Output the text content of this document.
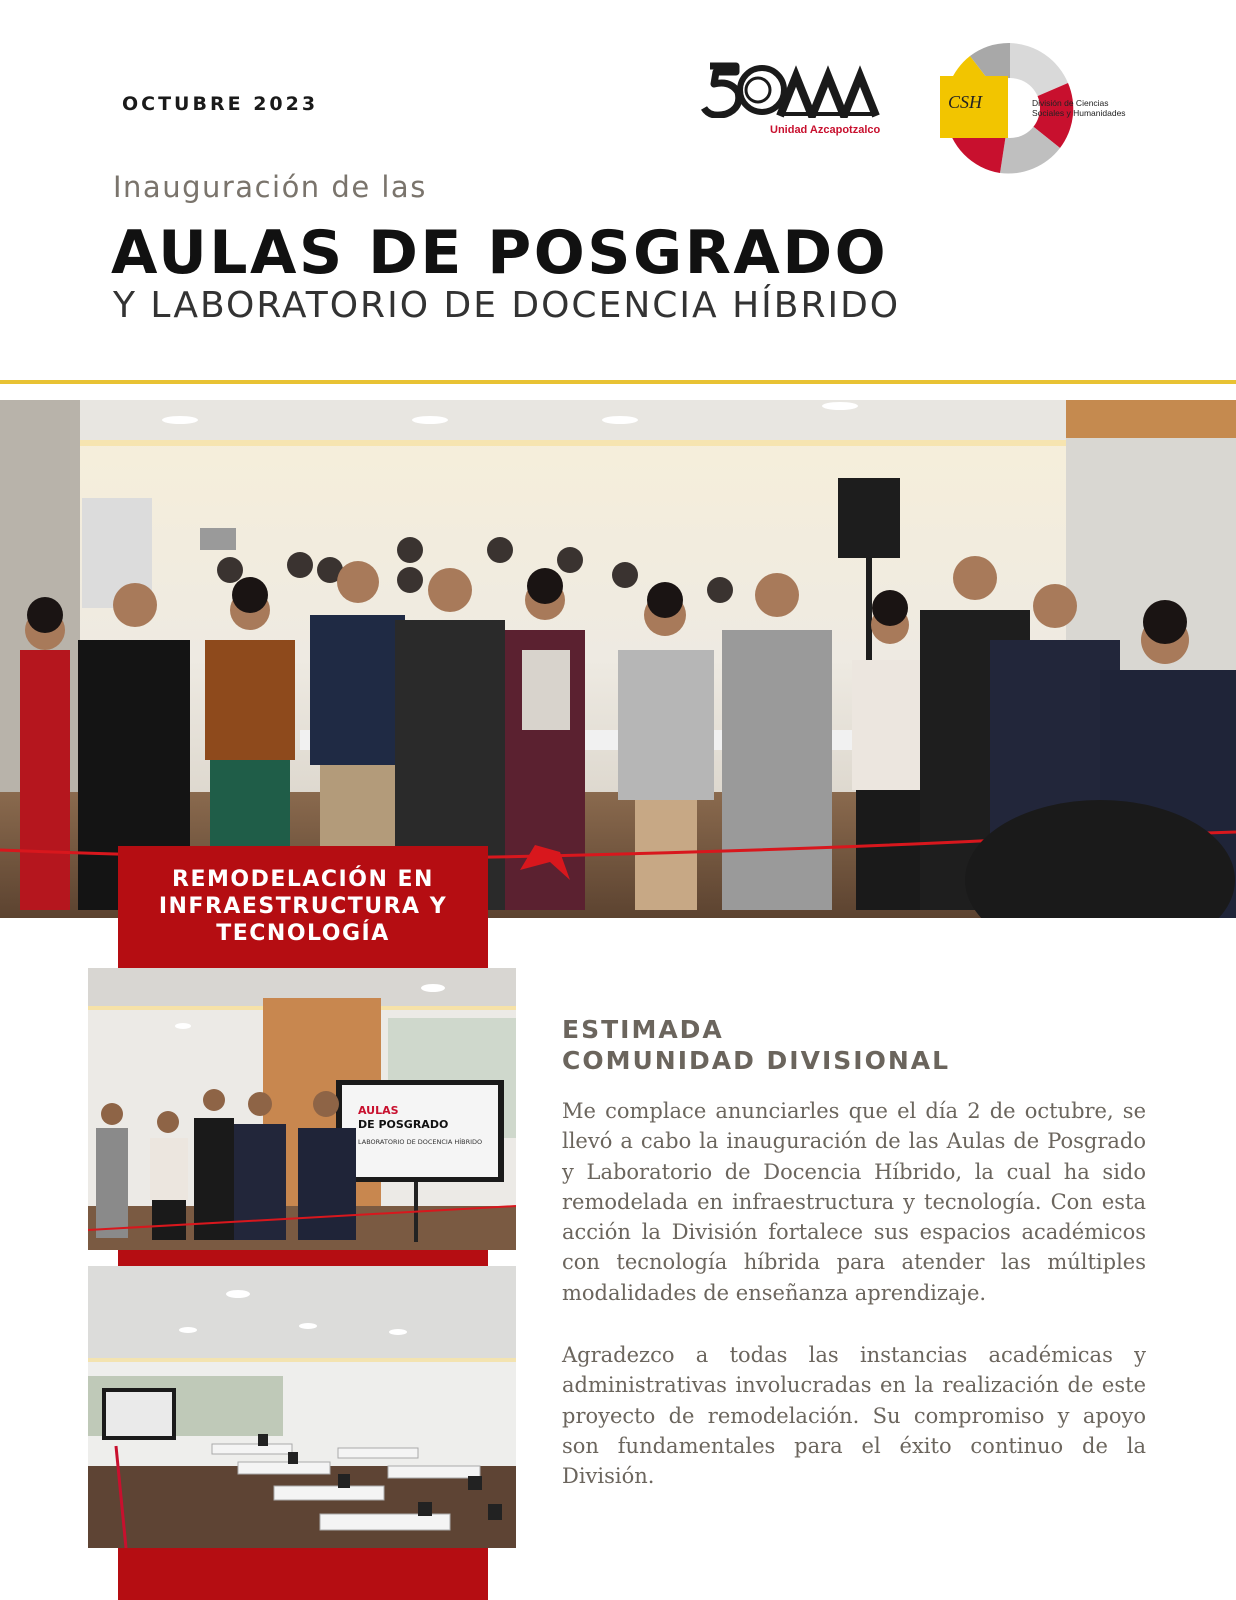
OCTUBRE 2023
Unidad Azcapotzalco
CSH	División de Ciencias Sociales y Humanidades
Inauguración de las
AULAS DE POSGRADO
Y LABORATORIO DE DOCENCIA HÍBRIDO
REMODELACIÓN EN INFRAESTRUCTURA Y TECNOLOGÍA
AULAS
DE POSGRADO
LABORATORIO DE DOCENCIA HÍBRIDO
ESTIMADA
COMUNIDAD DIVISIONAL
Me complace anunciarles que el día 2 de octubre, se llevó a cabo la inauguración de las Aulas de Posgrado y Laboratorio de Docencia Híbrido, la cual ha sido remodelada en infraestructura y tecnología. Con esta acción la División fortalece sus espacios académicos con tecnología híbrida para atender las múltiples modalidades de enseñanza aprendizaje.
Agradezco a todas las instancias académicas y administrativas involucradas en la realización de este proyecto de remodelación. Su compromiso y apoyo son fundamentales para el éxito continuo de la División.
